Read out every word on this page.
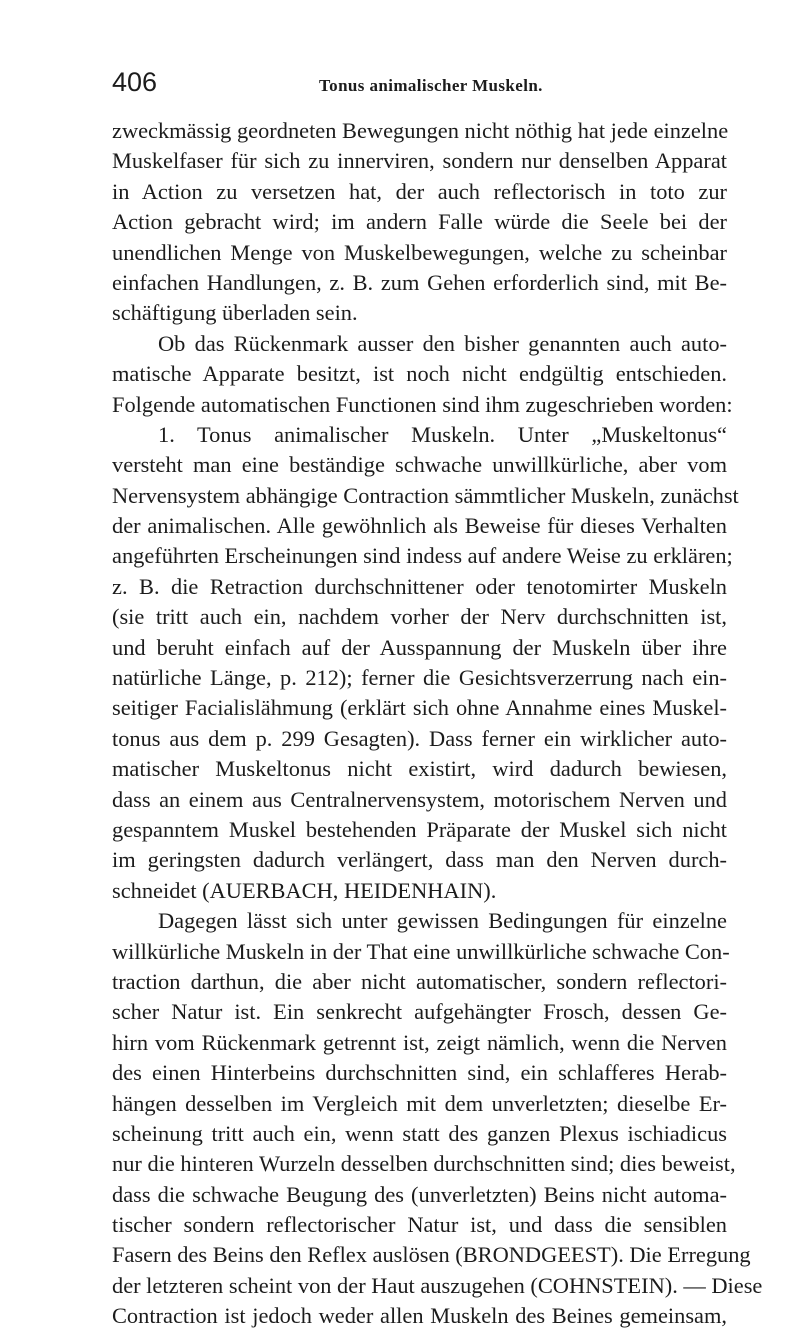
406	Tonus animalischer Muskeln.
zweckmässig geordneten Bewegungen nicht nöthig hat jede einzelne
Muskelfaser für sich zu innerviren, sondern nur denselben Apparat
in Action zu versetzen hat, der auch reflectorisch in toto zur
Action gebracht wird; im andern Falle würde die Seele bei der
unendlichen Menge von Muskelbewegungen, welche zu scheinbar
einfachen Handlungen, z. B. zum Gehen erforderlich sind, mit Be-
schäftigung überladen sein.
Ob das Rückenmark ausser den bisher genannten auch auto-
matische Apparate besitzt, ist noch nicht endgültig entschieden.
Folgende automatischen Functionen sind ihm zugeschrieben worden:
1. Tonus animalischer Muskeln. Unter „Muskeltonus“
versteht man eine beständige schwache unwillkürliche, aber vom
Nervensystem abhängige Contraction sämmtlicher Muskeln, zunächst
der animalischen. Alle gewöhnlich als Beweise für dieses Verhalten
angeführten Erscheinungen sind indess auf andere Weise zu erklären;
z. B. die Retraction durchschnittener oder tenotomirter Muskeln
(sie tritt auch ein, nachdem vorher der Nerv durchschnitten ist,
und beruht einfach auf der Ausspannung der Muskeln über ihre
natürliche Länge, p. 212); ferner die Gesichtsverzerrung nach ein-
seitiger Facialislähmung (erklärt sich ohne Annahme eines Muskel-
tonus aus dem p. 299 Gesagten). Dass ferner ein wirklicher auto-
matischer Muskeltonus nicht existirt, wird dadurch bewiesen,
dass an einem aus Centralnervensystem, motorischem Nerven und
gespanntem Muskel bestehenden Präparate der Muskel sich nicht
im geringsten dadurch verlängert, dass man den Nerven durch-
schneidet (AUERBACH, HEIDENHAIN).
Dagegen lässt sich unter gewissen Bedingungen für einzelne
willkürliche Muskeln in der That eine unwillkürliche schwache Con-
traction darthun, die aber nicht automatischer, sondern reflectori-
scher Natur ist. Ein senkrecht aufgehängter Frosch, dessen Ge-
hirn vom Rückenmark getrennt ist, zeigt nämlich, wenn die Nerven
des einen Hinterbeins durchschnitten sind, ein schlafferes Herab-
hängen desselben im Vergleich mit dem unverletzten; dieselbe Er-
scheinung tritt auch ein, wenn statt des ganzen Plexus ischiadicus
nur die hinteren Wurzeln desselben durchschnitten sind; dies beweist,
dass die schwache Beugung des (unverletzten) Beins nicht automa-
tischer sondern reflectorischer Natur ist, und dass die sensiblen
Fasern des Beins den Reflex auslösen (BRONDGEEST). Die Erregung
der letzteren scheint von der Haut auszugehen (COHNSTEIN). — Diese
Contraction ist jedoch weder allen Muskeln des Beines gemeinsam,
